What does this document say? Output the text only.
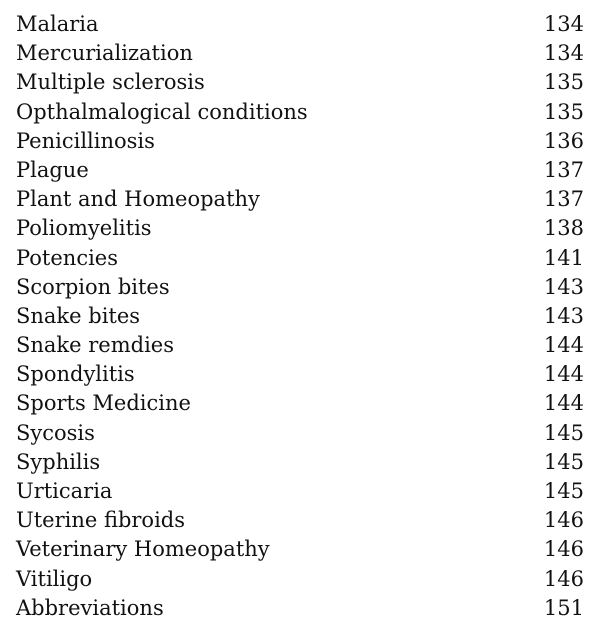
Malaria	134
Mercurialization	134
Multiple sclerosis	135
Opthalmalogical conditions	135
Penicillinosis	136
Plague	137
Plant and Homeopathy	137
Poliomyelitis	138
Potencies	141
Scorpion bites	143
Snake bites	143
Snake remdies	144
Spondylitis	144
Sports Medicine	144
Sycosis	145
Syphilis	145
Urticaria	145
Uterine fibroids	146
Veterinary Homeopathy	146
Vitiligo	146
Abbreviations	151
